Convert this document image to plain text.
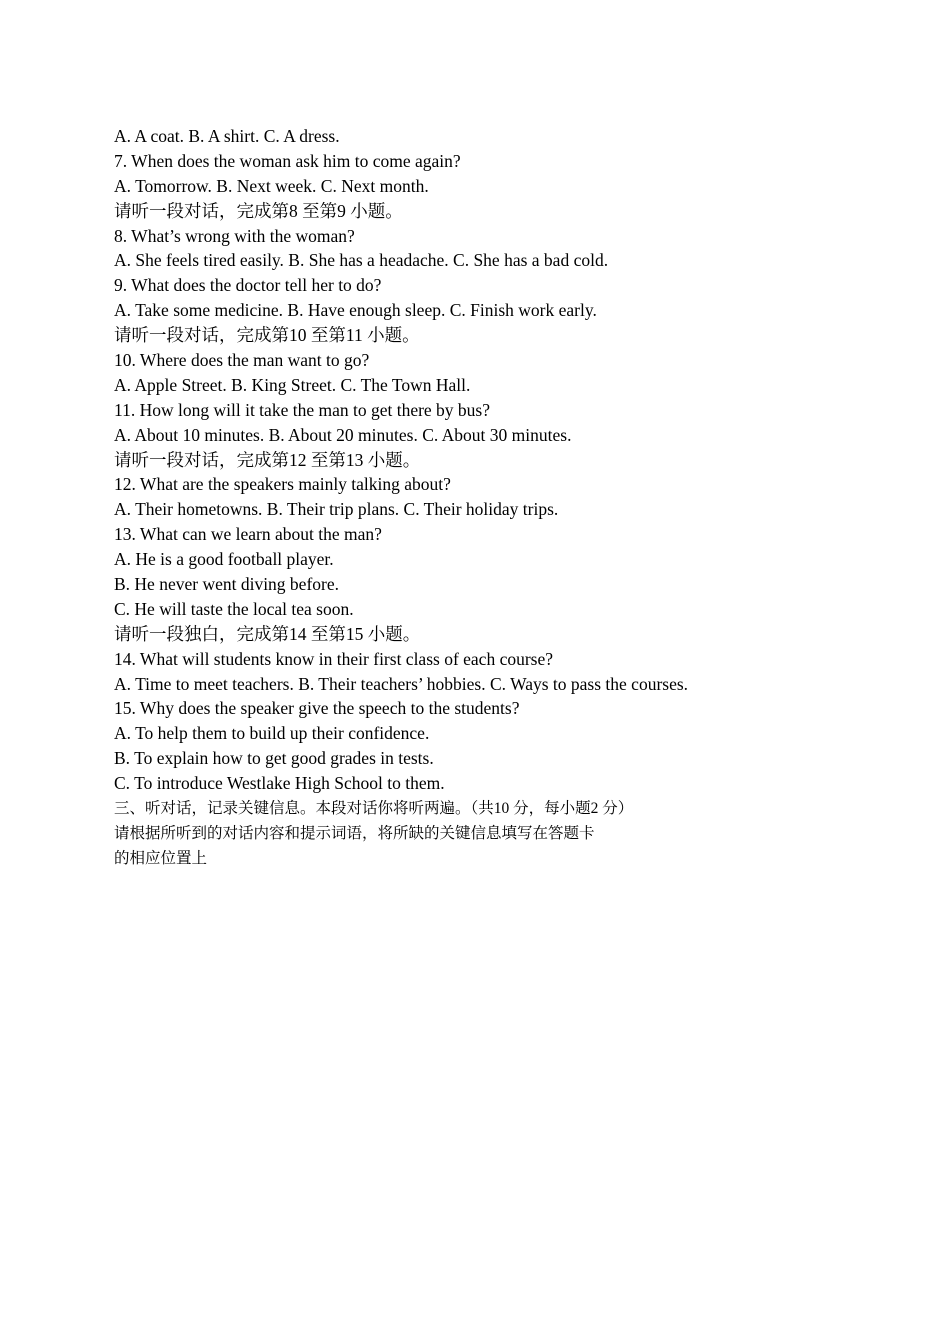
A. A coat. B. A shirt. C. A dress.
7. When does the woman ask him to come again?
A. Tomorrow. B. Next week. C. Next month.
请听一段对话，完成第8 至第9 小题。
8. What’s wrong with the woman?
A. She feels tired easily. B. She has a headache. C. She has a bad cold.
9. What does the doctor tell her to do?
A. Take some medicine. B. Have enough sleep. C. Finish work early.
请听一段对话，完成第10 至第11 小题。
10. Where does the man want to go?
A. Apple Street. B. King Street. C. The Town Hall.
11. How long will it take the man to get there by bus?
A. About 10 minutes. B. About 20 minutes. C. About 30 minutes.
请听一段对话，完成第12 至第13 小题。
12. What are the speakers mainly talking about?
A. Their hometowns. B. Their trip plans. C. Their holiday trips.
13. What can we learn about the man?
A. He is a good football player.
B. He never went diving before.
C. He will taste the local tea soon.
请听一段独白，完成第14 至第15 小题。
14. What will students know in their first class of each course?
A. Time to meet teachers. B. Their teachers’ hobbies. C. Ways to pass the courses.
15. Why does the speaker give the speech to the students?
A. To help them to build up their confidence.
B. To explain how to get good grades in tests.
C. To introduce Westlake High School to them.
三、听对话，记录关键信息。本段对话你将听两遍。（共10 分，每小题2 分）
请根据所听到的对话内容和提示词语，将所缺的关键信息填写在答题卡
的相应位置上
